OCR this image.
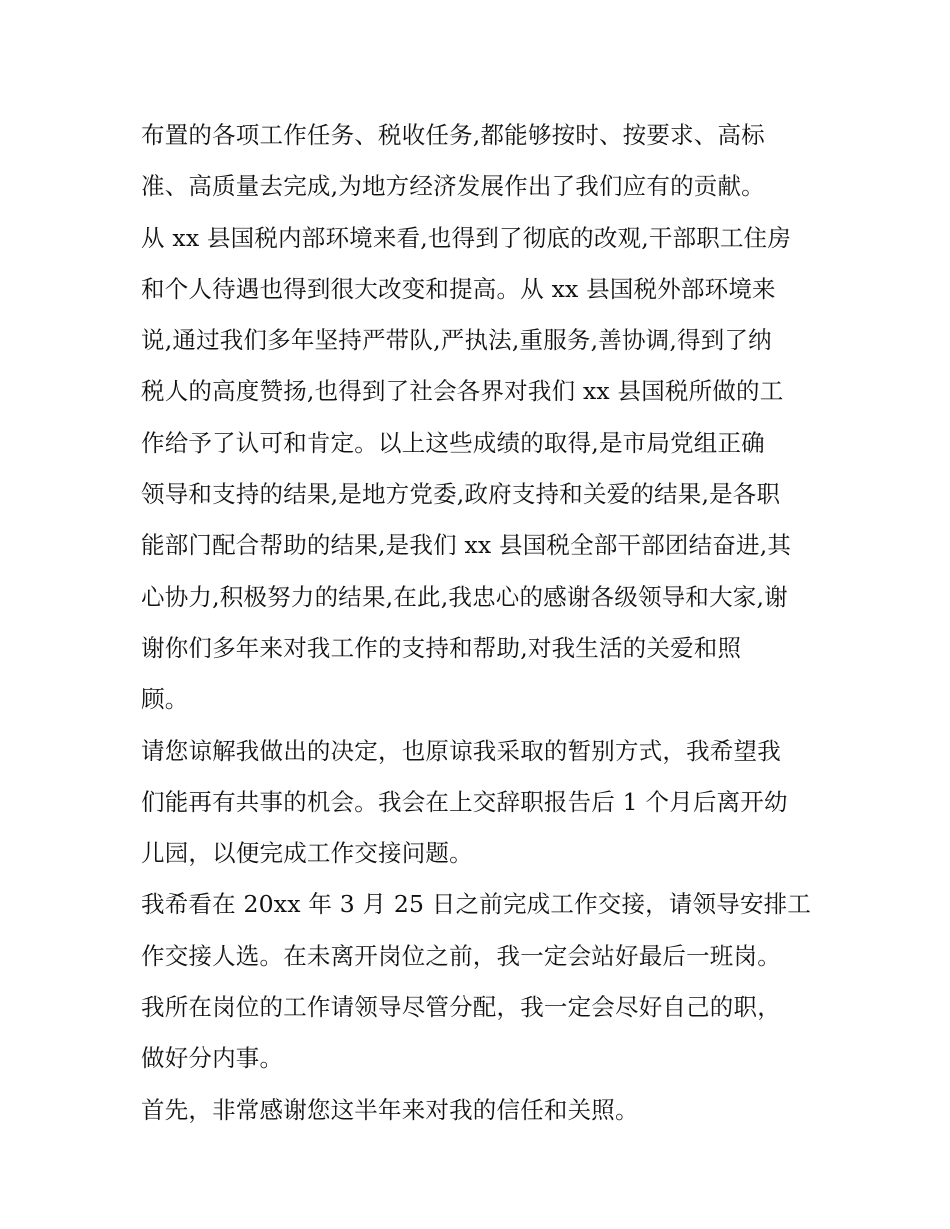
布置的各项工作任务、税收任务,都能够按时、按要求、高标
准、高质量去完成,为地方经济发展作出了我们应有的贡献。
从 xx 县国税内部环境来看,也得到了彻底的改观,干部职工住房
和个人待遇也得到很大改变和提高。从 xx 县国税外部环境来
说,通过我们多年坚持严带队,严执法,重服务,善协调,得到了纳
税人的高度赞扬,也得到了社会各界对我们 xx 县国税所做的工
作给予了认可和肯定。以上这些成绩的取得,是市局党组正确
领导和支持的结果,是地方党委,政府支持和关爱的结果,是各职
能部门配合帮助的结果,是我们 xx 县国税全部干部团结奋进,其
心协力,积极努力的结果,在此,我忠心的感谢各级领导和大家,谢
谢你们多年来对我工作的支持和帮助,对我生活的关爱和照
顾。
请您谅解我做出的决定，也原谅我采取的暂别方式，我希望我
们能再有共事的机会。我会在上交辞职报告后 1 个月后离开幼
儿园，以便完成工作交接问题。
我希看在 20xx 年 3 月 25 日之前完成工作交接，请领导安排工
作交接人选。在未离开岗位之前，我一定会站好最后一班岗。
我所在岗位的工作请领导尽管分配，我一定会尽好自己的职，
做好分内事。
首先，非常感谢您这半年来对我的信任和关照。
